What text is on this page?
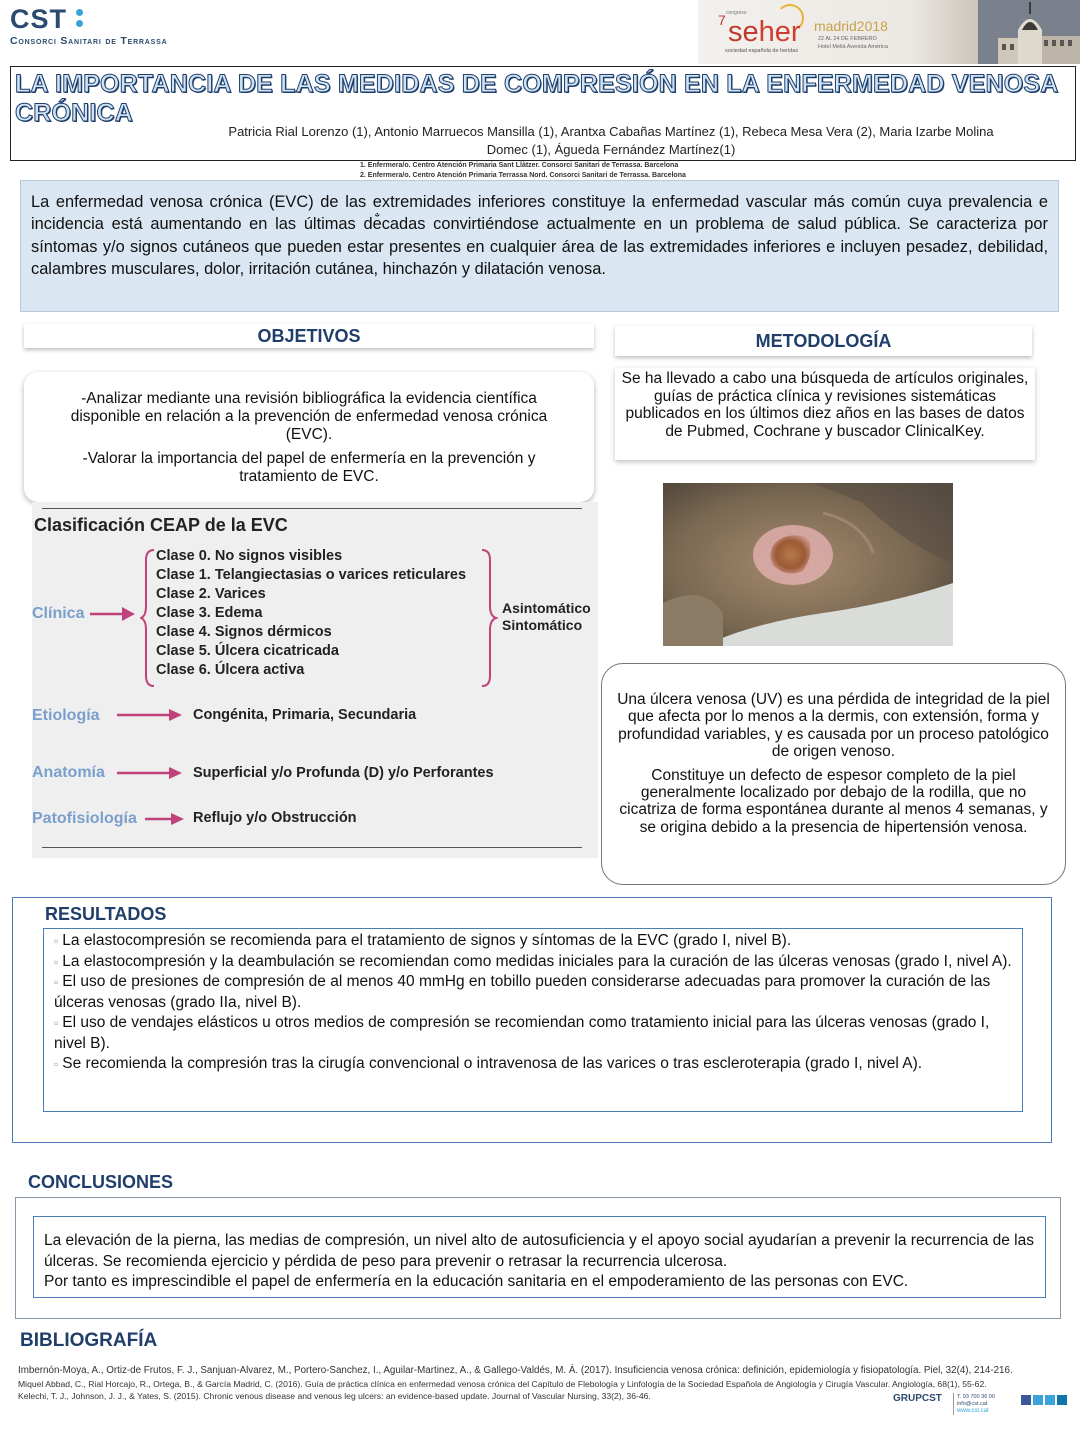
CST
Consorci Sanitari de Terrassa
7 congreso
seher
sociedad española de heridas
madrid2018
22 AL 24 DE FEBRERO
Hotel Meliá Avenida América
LA IMPORTANCIA DE LAS MEDIDAS DE COMPRESIÓN EN LA ENFERMEDAD VENOSA CRÓNICA
Patricia Rial Lorenzo (1), Antonio Marruecos Mansilla (1), Arantxa Cabañas Martínez (1), Rebeca Mesa Vera (2), Maria Izarbe Molina
Domec (1), Águeda Fernández Martínez(1)
1. Enfermera/o. Centro Atención Primaria Sant Llàtzer. Consorci Sanitari de Terrassa. Barcelona
2. Enfermera/o. Centro Atención Primaria Terrassa Nord. Consorci Sanitari de Terrassa. Barcelona
La enfermedad venosa crónica (EVC) de las extremidades inferiores constituye la enfermedad vascular más común cuya prevalencia e incidencia está aumentando en las últimas de̐cadas convirtiéndose actualmente en un problema de salud pública. Se caracteriza por síntomas y/o signos cutáneos que pueden estar presentes en cualquier área de las extremidades inferiores e incluyen pesadez, debilidad, calambres musculares, dolor, irritación cutánea, hinchazón y dilatación venosa.
OBJETIVOS

-Analizar mediante una revisión bibliográfica la evidencia científica disponible en relación a la prevención de enfermedad venosa crónica (EVC).

-Valorar la importancia del papel de enfermería en la prevención y tratamiento de EVC.

METODOLOGÍA
Se ha llevado a cabo una búsqueda de artículos originales, guías de práctica clínica y revisiones sistemáticas publicados en los últimos diez años en las bases de datos de Pubmed, Cochrane y buscador ClinicalKey.
Clasificación CEAP de la EVC
Clínica
Clase 0. No signos visibles
Clase 1. Telangiectasias o varices reticulares
Clase 2. Varices
Clase 3. Edema
Clase 4. Signos dérmicos
Clase 5. Úlcera cicatricada
Clase 6. Úlcera activa
Asintomático
Sintomático
Etiología	Congénita, Primaria, Secundaria
Anatomía	Superficial y/o Profunda (D) y/o Perforantes
Patofisiología	Reflujo y/o Obstrucción

Una úlcera venosa (UV) es una pérdida de integridad de la piel que afecta por lo menos a la dermis, con extensión, forma y profundidad variables, y es causada por un proceso patológico de origen venoso.

Constituye un defecto de espesor completo de la piel generalmente localizado por debajo de la rodilla, que no cicatriza de forma espontánea durante al menos 4 semanas, y se origina debido a la presencia de hipertensión venosa.

RESULTADOS
▫ La elastocompresión se recomienda para el tratamiento de signos y síntomas de la EVC (grado I, nivel B).
▫ La elastocompresión y la deambulación se recomiendan como medidas iniciales para la curación de las úlceras venosas (grado I, nivel A).
▫ El uso de presiones de compresión de al menos 40 mmHg en tobillo pueden considerarse adecuadas para promover la curación de las úlceras venosas (grado IIa, nivel B).
▫ El uso de vendajes elásticos u otros medios de compresión se recomiendan como tratamiento inicial para las úlceras venosas (grado I, nivel B).
▫ Se recomienda la compresión tras la cirugía convencional o intravenosa de las varices o tras escleroterapia (grado I, nivel A).
CONCLUSIONES
La elevación de la pierna, las medias de compresión, un nivel alto de autosuficiencia y el apoyo social ayudarían a prevenir la recurrencia de las úlceras. Se recomienda ejercicio y pérdida de peso para prevenir o retrasar la recurrencia ulcerosa.
Por tanto es imprescindible el papel de enfermería en la educación sanitaria en el empoderamiento de las personas con EVC.
BIBLIOGRAFÍA
Imbernón-Moya, A., Ortiz-de Frutos, F. J., Sanjuan-Alvarez, M., Portero-Sanchez, I., Aguilar-Martinez, A., & Gallego-Valdés, M. Á. (2017). Insuficiencia venosa crónica: definición, epidemiología y fisiopatología. Piel, 32(4), 214-216.
Miquel Abbad, C., Rial Horcajo, R., Ortega, B., & García Madrid, C. (2016). Guía de práctica clínica en enfermedad venosa crónica del Capítulo de Flebología y Linfología de la Sociedad Española de Angiología y Cirugía Vascular. Angiología, 68(1), 55-62.
Kelechi, T. J., Johnson, J. J., & Yates, S. (2015). Chronic venous disease and venous leg ulcers: an evidence-based update. Journal of Vascular Nursing, 33(2), 36-46.	GRUPCST	T. 93 700 36 00
info@cst.cat
www.cst.cat
